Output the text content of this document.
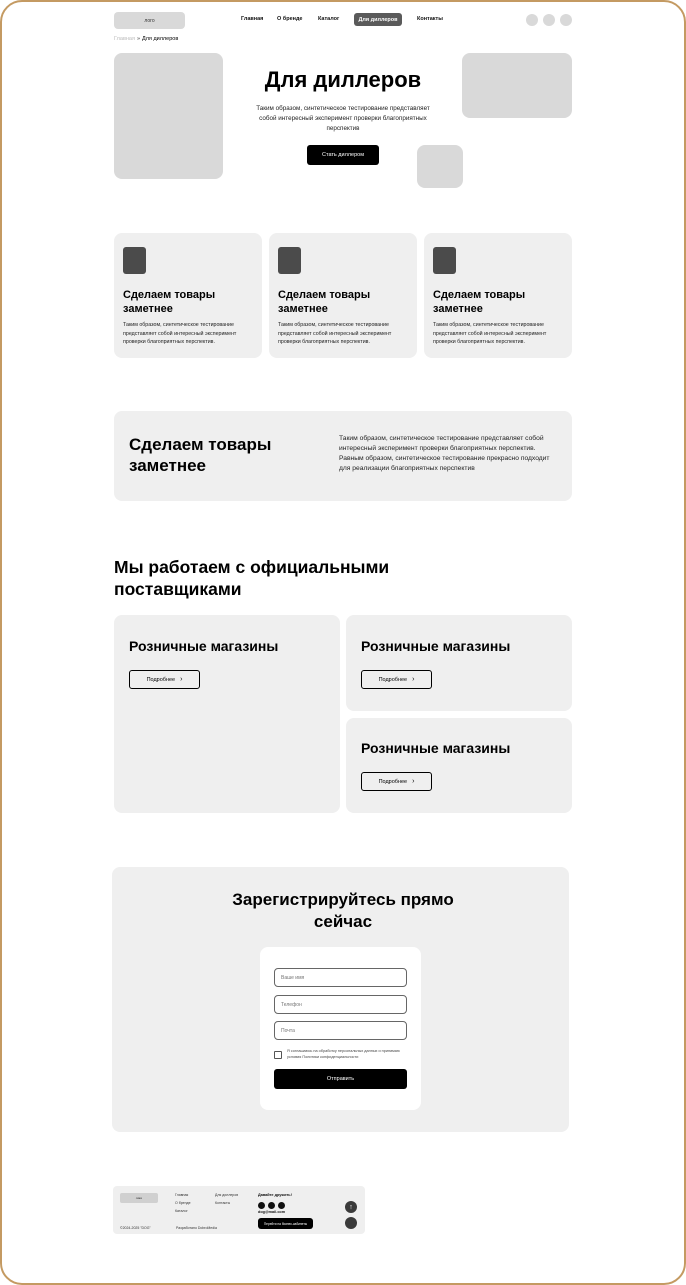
лого	Главная О бренде	Каталог	Для диллеров	Контакты
Главная » Для диллеров
Для диллеров
Таким образом, синтетическое тестирование представляет собой интересный эксперимент проверки благоприятных перспектив
Стать диллером
Сделаем товары заметнее
Таким образом, синтетическое тестирование представляет собой интересный эксперимент проверки благоприятных перспектив.
Сделаем товары заметнее
Таким образом, синтетическое тестирование представляет собой интересный эксперимент проверки благоприятных перспектив.
Сделаем товары заметнее
Таким образом, синтетическое тестирование представляет собой интересный эксперимент проверки благоприятных перспектив.
Сделаем товары заметнее
Таким образом, синтетическое тестирование представляет собой интересный эксперимент проверки благоприятных перспектив. Равным образом, синтетическое тестирование прекрасно подходит для реализации благоприятных перспектив
Мы работаем с официальными поставщиками
Розничные магазины
Подробнее ›
Розничные магазины
Подробнее ›
Розничные магазины
Подробнее ›
Зарегистрируйтесь прямо сейчас
Ваше имя
Телефон
Почта
Я соглашаюсь на обработку персональных данных и принимаю условия Политики конфиденциальности
Отправить
лого
Главная
О бренде
Каталог
Для диллеров
Контакты
Давайте дружить!
dog@mail.com
Перейти на бизнес-кабинеты
©2024-2025 "DOG"	Разработано DobroMedia
↑
